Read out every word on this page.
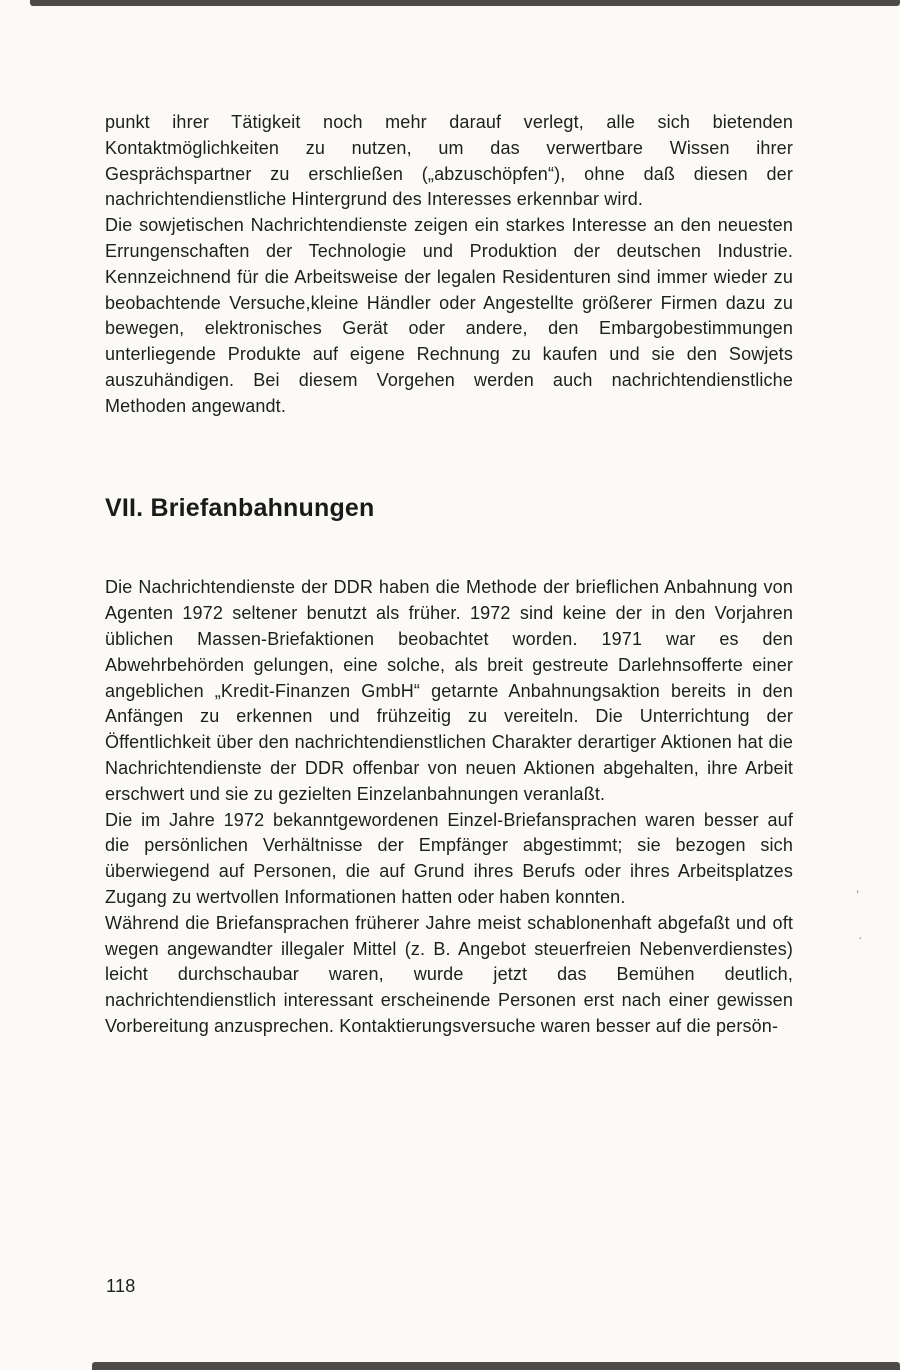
punkt ihrer Tätigkeit noch mehr darauf verlegt, alle sich bietenden Kontaktmöglichkeiten zu nutzen, um das verwertbare Wissen ihrer Gesprächspartner zu erschließen („abzuschöpfen“), ohne daß diesen der nachrichtendienstliche Hintergrund des Interesses erkennbar wird.

Die sowjetischen Nachrichtendienste zeigen ein starkes Interesse an den neuesten Errungenschaften der Technologie und Produktion der deutschen Industrie. Kennzeichnend für die Arbeitsweise der legalen Residenturen sind immer wieder zu beobachtende Versuche,kleine Händler oder Angestellte größerer Firmen dazu zu bewegen, elektronisches Gerät oder andere, den Embargobestimmungen unterliegende Produkte auf eigene Rechnung zu kaufen und sie den Sowjets auszuhändigen. Bei diesem Vorgehen werden auch nachrichtendienstliche Methoden angewandt.

VII. Briefanbahnungen

Die Nachrichtendienste der DDR haben die Methode der brieflichen Anbahnung von Agenten 1972 seltener benutzt als früher. 1972 sind keine der in den Vorjahren üblichen Massen-Briefaktionen beobachtet worden. 1971 war es den Abwehrbehörden gelungen, eine solche, als breit gestreute Darlehnsofferte einer angeblichen „Kredit-Finanzen GmbH“ getarnte Anbahnungsaktion bereits in den Anfängen zu erkennen und frühzeitig zu vereiteln. Die Unterrichtung der Öffentlichkeit über den nachrichtendienstlichen Charakter derartiger Aktionen hat die Nachrichtendienste der DDR offenbar von neuen Aktionen abgehalten, ihre Arbeit erschwert und sie zu gezielten Einzelanbahnungen veranlaßt.

Die im Jahre 1972 bekanntgewordenen Einzel-Briefansprachen waren besser auf die persönlichen Verhältnisse der Empfänger abgestimmt; sie bezogen sich überwiegend auf Personen, die auf Grund ihres Berufs oder ihres Arbeitsplatzes Zugang zu wertvollen Informationen hatten oder haben konnten.

Während die Briefansprachen früherer Jahre meist schablonenhaft abgefaßt und oft wegen angewandter illegaler Mittel (z. B. Angebot steuerfreien Nebenverdienstes) leicht durchschaubar waren, wurde jetzt das Bemühen deutlich, nachrichtendienstlich interessant erscheinende Personen erst nach einer gewissen Vorbereitung anzusprechen. Kontaktierungsversuche waren besser auf die persön-

’
·
118
